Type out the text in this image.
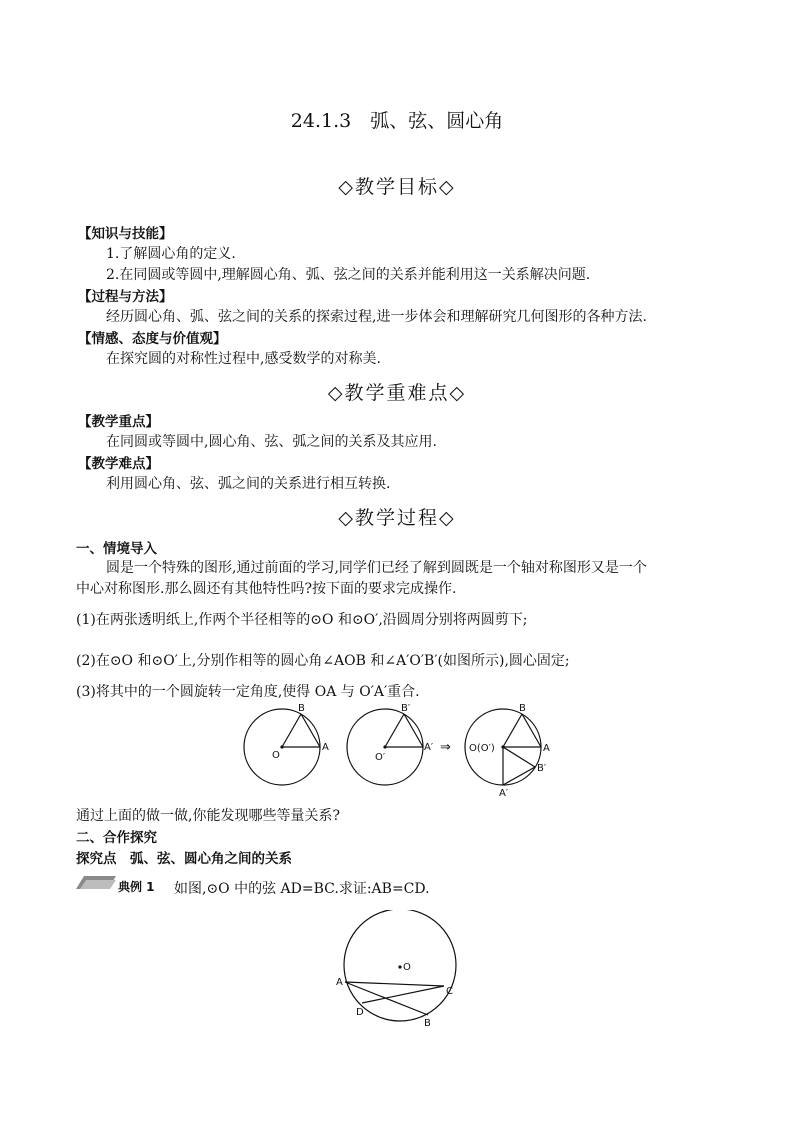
24.1.3　弧、弦、圆心角
◇教学目标◇
【知识与技能】
1.了解圆心角的定义.
2.在同圆或等圆中,理解圆心角、弧、弦之间的关系并能利用这一关系解决问题.
【过程与方法】
经历圆心角、弧、弦之间的关系的探索过程,进一步体会和理解研究几何图形的各种方法.
【情感、态度与价值观】
在探究圆的对称性过程中,感受数学的对称美.
◇教学重难点◇
【教学重点】
在同圆或等圆中,圆心角、弦、弧之间的关系及其应用.
【教学难点】
利用圆心角、弦、弧之间的关系进行相互转换.
◇教学过程◇
一、情境导入
圆是一个特殊的图形,通过前面的学习,同学们已经了解到圆既是一个轴对称图形又是一个
中心对称图形.那么圆还有其他特性吗?按下面的要求完成操作.
(1)在两张透明纸上,作两个半径相等的⊙O 和⊙O′,沿圆周分别将两圆剪下;
(2)在⊙O 和⊙O′上,分别作相等的圆心角∠AOB 和∠A′O′B′(如图所示),圆心固定;
(3)将其中的一个圆旋转一定角度,使得 OA 与 O′A′重合.
O
A
B
O′
A′
B′
⇒ O(O′)	A
B
B′
A′
通过上面的做一做,你能发现哪些等量关系?
二、合作探究
探究点　弧、弦、圆心角之间的关系
典例 1 如图,⊙O 中的弦 AD=BC.求证:AB=CD.
O
A
B
C
D
